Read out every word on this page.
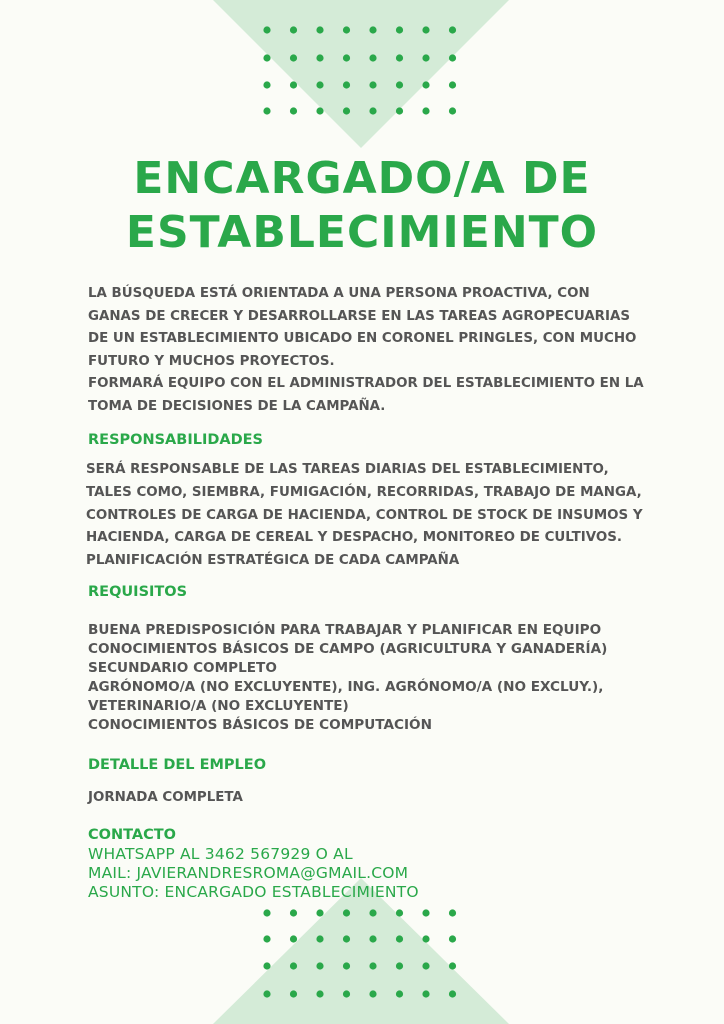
ENCARGADO/A DE
ESTABLECIMIENTO

LA BÚSQUEDA ESTÁ ORIENTADA A UNA PERSONA PROACTIVA, CON
GANAS DE CRECER Y DESARROLLARSE EN LAS TAREAS AGROPECUARIAS
DE UN ESTABLECIMIENTO UBICADO EN CORONEL PRINGLES, CON MUCHO
FUTURO Y MUCHOS PROYECTOS.
FORMARÁ EQUIPO CON EL ADMINISTRADOR DEL ESTABLECIMIENTO EN LA
TOMA DE DECISIONES DE LA CAMPAÑA.

RESPONSABILIDADES

SERÁ RESPONSABLE DE LAS TAREAS DIARIAS DEL ESTABLECIMIENTO,
TALES COMO, SIEMBRA, FUMIGACIÓN, RECORRIDAS, TRABAJO DE MANGA,
CONTROLES DE CARGA DE HACIENDA, CONTROL DE STOCK DE INSUMOS Y
HACIENDA, CARGA DE CEREAL Y DESPACHO, MONITOREO DE CULTIVOS.
PLANIFICACIÓN ESTRATÉGICA DE CADA CAMPAÑA

REQUISITOS

BUENA PREDISPOSICIÓN PARA TRABAJAR Y PLANIFICAR EN EQUIPO
CONOCIMIENTOS BÁSICOS DE CAMPO (AGRICULTURA Y GANADERÍA)
SECUNDARIO COMPLETO
AGRÓNOMO/A (NO EXCLUYENTE), ING. AGRÓNOMO/A (NO EXCLUY.),
VETERINARIO/A (NO EXCLUYENTE)
CONOCIMIENTOS BÁSICOS DE COMPUTACIÓN

DETALLE DEL EMPLEO

JORNADA COMPLETA

CONTACTO

WHATSAPP AL 3462 567929 O AL

MAIL: JAVIERANDRESROMA@GMAIL.COM

ASUNTO: ENCARGADO ESTABLECIMIENTO
